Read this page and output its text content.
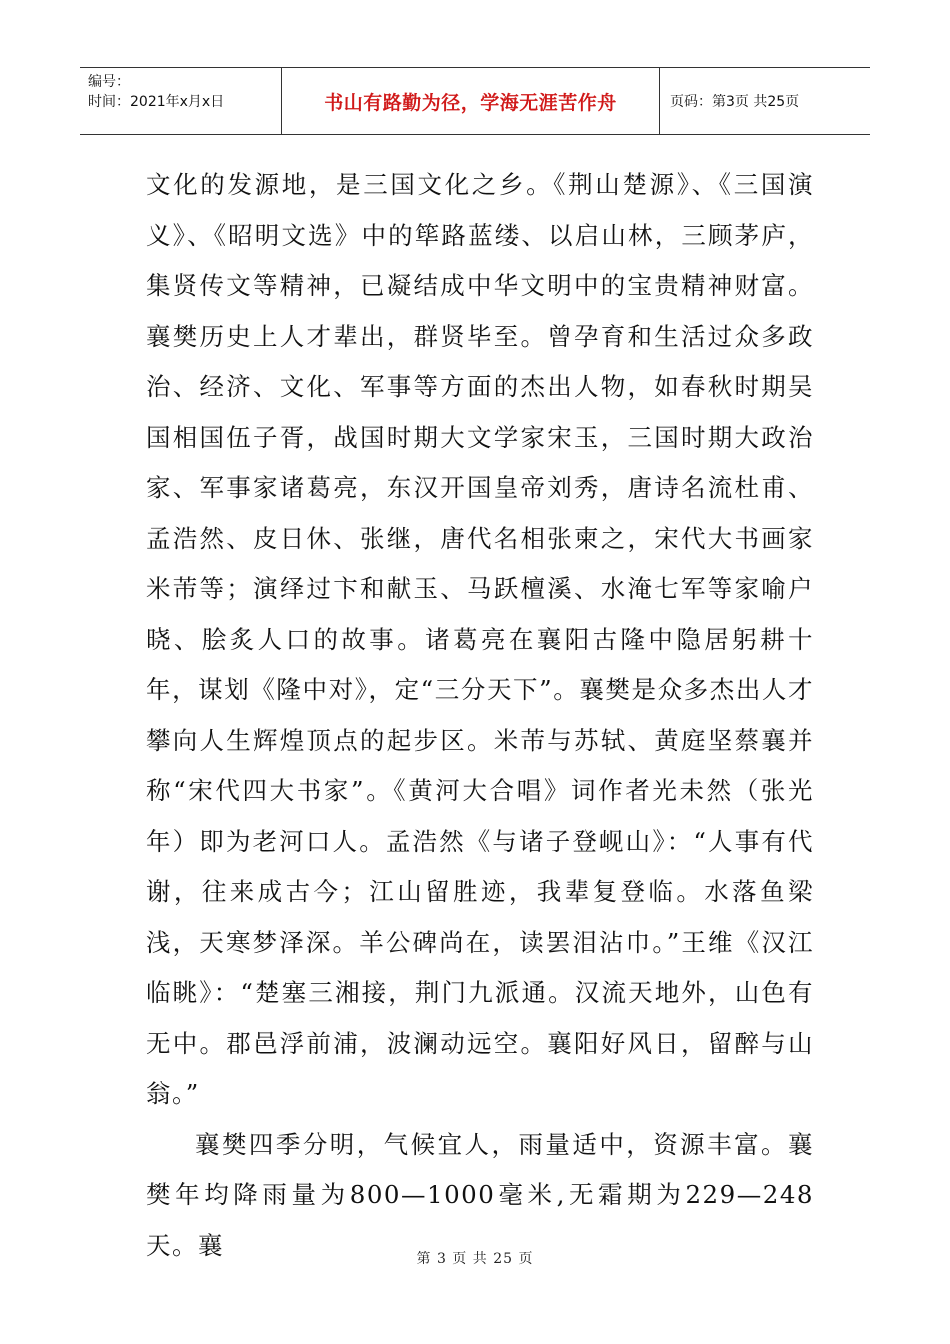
编号：
时间：2021年x月x日	书山有路勤为径，学海无涯苦作舟	页码：第3页 共25页

文化的发源地，是三国文化之乡。《荆山楚源》、《三国演义》、《昭明文选》中的筚路蓝缕、以启山林，三顾茅庐，集贤传文等精神，已凝结成中华文明中的宝贵精神财富。襄樊历史上人才辈出，群贤毕至。曾孕育和生活过众多政治、经济、文化、军事等方面的杰出人物，如春秋时期吴国相国伍子胥，战国时期大文学家宋玉，三国时期大政治家、军事家诸葛亮，东汉开国皇帝刘秀，唐诗名流杜甫、孟浩然、皮日休、张继，唐代名相张柬之，宋代大书画家米芾等；演绎过卞和献玉、马跃檀溪、水淹七军等家喻户晓、脍炙人口的故事。诸葛亮在襄阳古隆中隐居躬耕十年，谋划《隆中对》，定“三分天下”。襄樊是众多杰出人才攀向人生辉煌顶点的起步区。米芾与苏轼、黄庭坚蔡襄并称“宋代四大书家”。《黄河大合唱》词作者光未然（张光年）即为老河口人。孟浩然《与诸子登岘山》：“人事有代谢，往来成古今；江山留胜迹，我辈复登临。水落鱼梁浅，天寒梦泽深。羊公碑尚在，读罢泪沾巾。”王维《汉江临眺》：“楚塞三湘接，荆门九派通。汉流天地外，山色有无中。郡邑浮前浦，波澜动远空。襄阳好风日，留醉与山翁。”

襄樊四季分明，气候宜人，雨量适中，资源丰富。襄樊年均降雨量为800—1000毫米,无霜期为229—248天。襄	第 3 页 共 25 页
